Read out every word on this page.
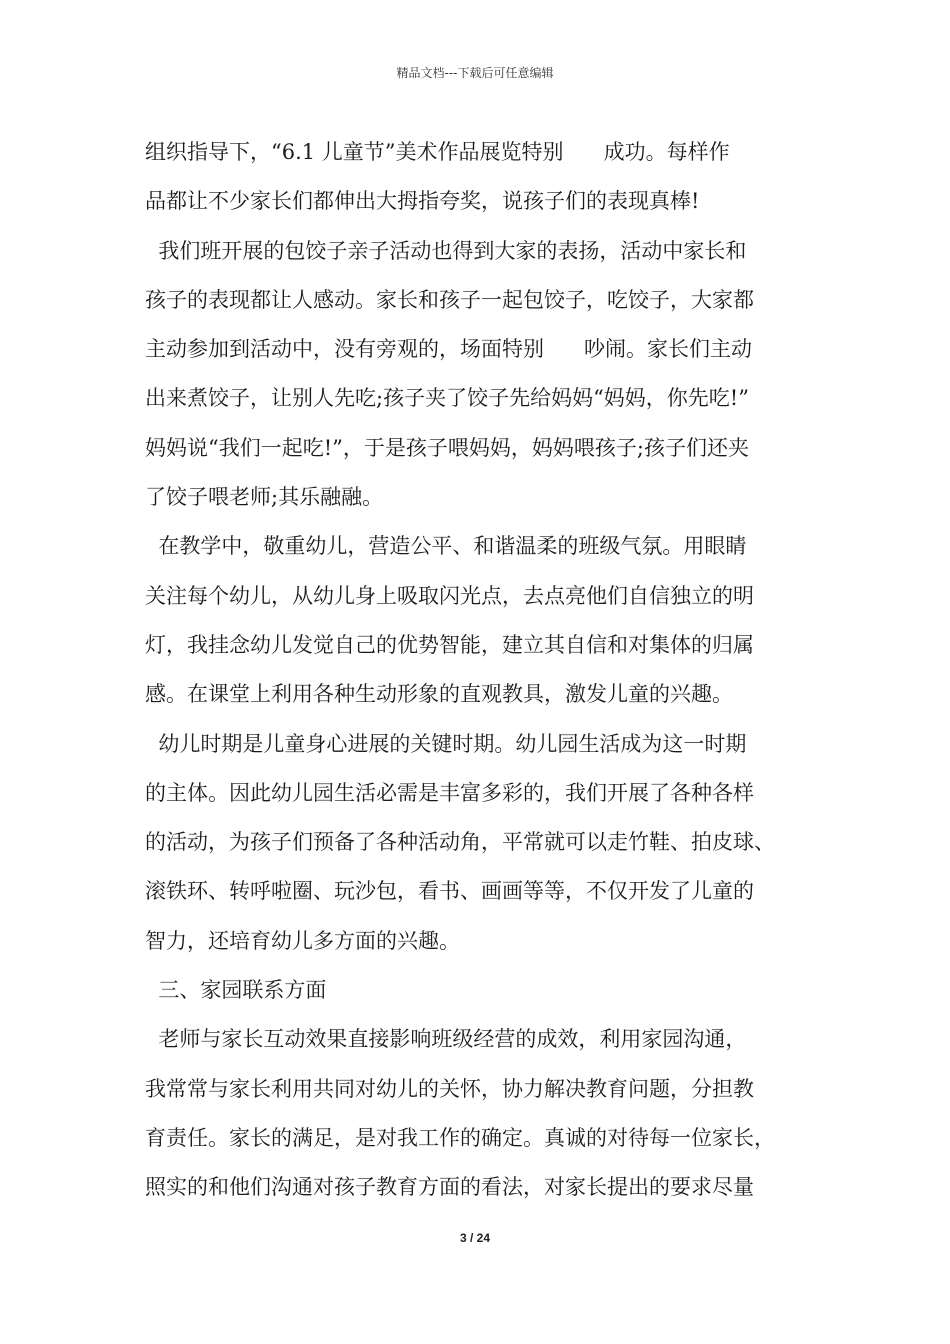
精品文档---下载后可任意编辑
组织指导下，“6.1 儿童节”美术作品展览特别      成功。每样作
品都让不少家长们都伸出大拇指夸奖，说孩子们的表现真棒!
我们班开展的包饺子亲子活动也得到大家的表扬，活动中家长和
孩子的表现都让人感动。家长和孩子一起包饺子，吃饺子，大家都
主动参加到活动中，没有旁观的，场面特别      吵闹。家长们主动
出来煮饺子，让别人先吃;孩子夹了饺子先给妈妈“妈妈，你先吃!”
妈妈说“我们一起吃!”，于是孩子喂妈妈，妈妈喂孩子;孩子们还夹
了饺子喂老师;其乐融融。
在教学中，敬重幼儿，营造公平、和谐温柔的班级气氛。用眼睛
关注每个幼儿，从幼儿身上吸取闪光点，去点亮他们自信独立的明
灯，我挂念幼儿发觉自己的优势智能，建立其自信和对集体的归属
感。在课堂上利用各种生动形象的直观教具，激发儿童的兴趣。
幼儿时期是儿童身心进展的关键时期。幼儿园生活成为这一时期
的主体。因此幼儿园生活必需是丰富多彩的，我们开展了各种各样
的活动，为孩子们预备了各种活动角，平常就可以走竹鞋、拍皮球、
滚铁环、转呼啦圈、玩沙包，看书、画画等等，不仅开发了儿童的
智力，还培育幼儿多方面的兴趣。
三、家园联系方面
老师与家长互动效果直接影响班级经营的成效，利用家园沟通，
我常常与家长利用共同对幼儿的关怀，协力解决教育问题，分担教
育责任。家长的满足，是对我工作的确定。真诚的对待每一位家长，
照实的和他们沟通对孩子教育方面的看法，对家长提出的要求尽量
3 / 24
